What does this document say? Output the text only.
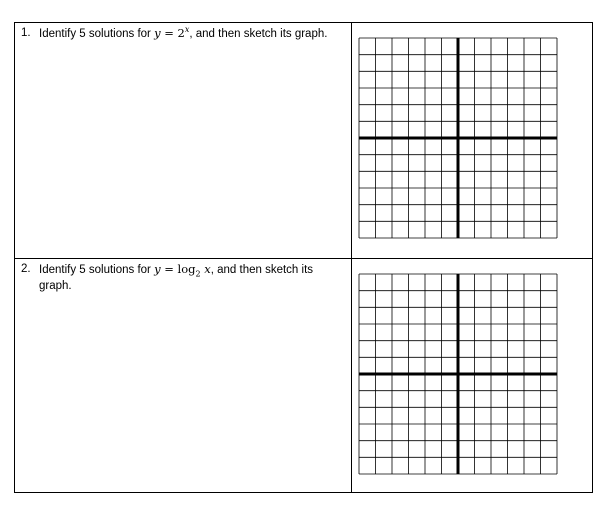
1. Identify 5 solutions for $y = 2^x$, and then sketch its graph.

2. Identify 5 solutions for $y = \log_2 x$, and then sketch its graph.
